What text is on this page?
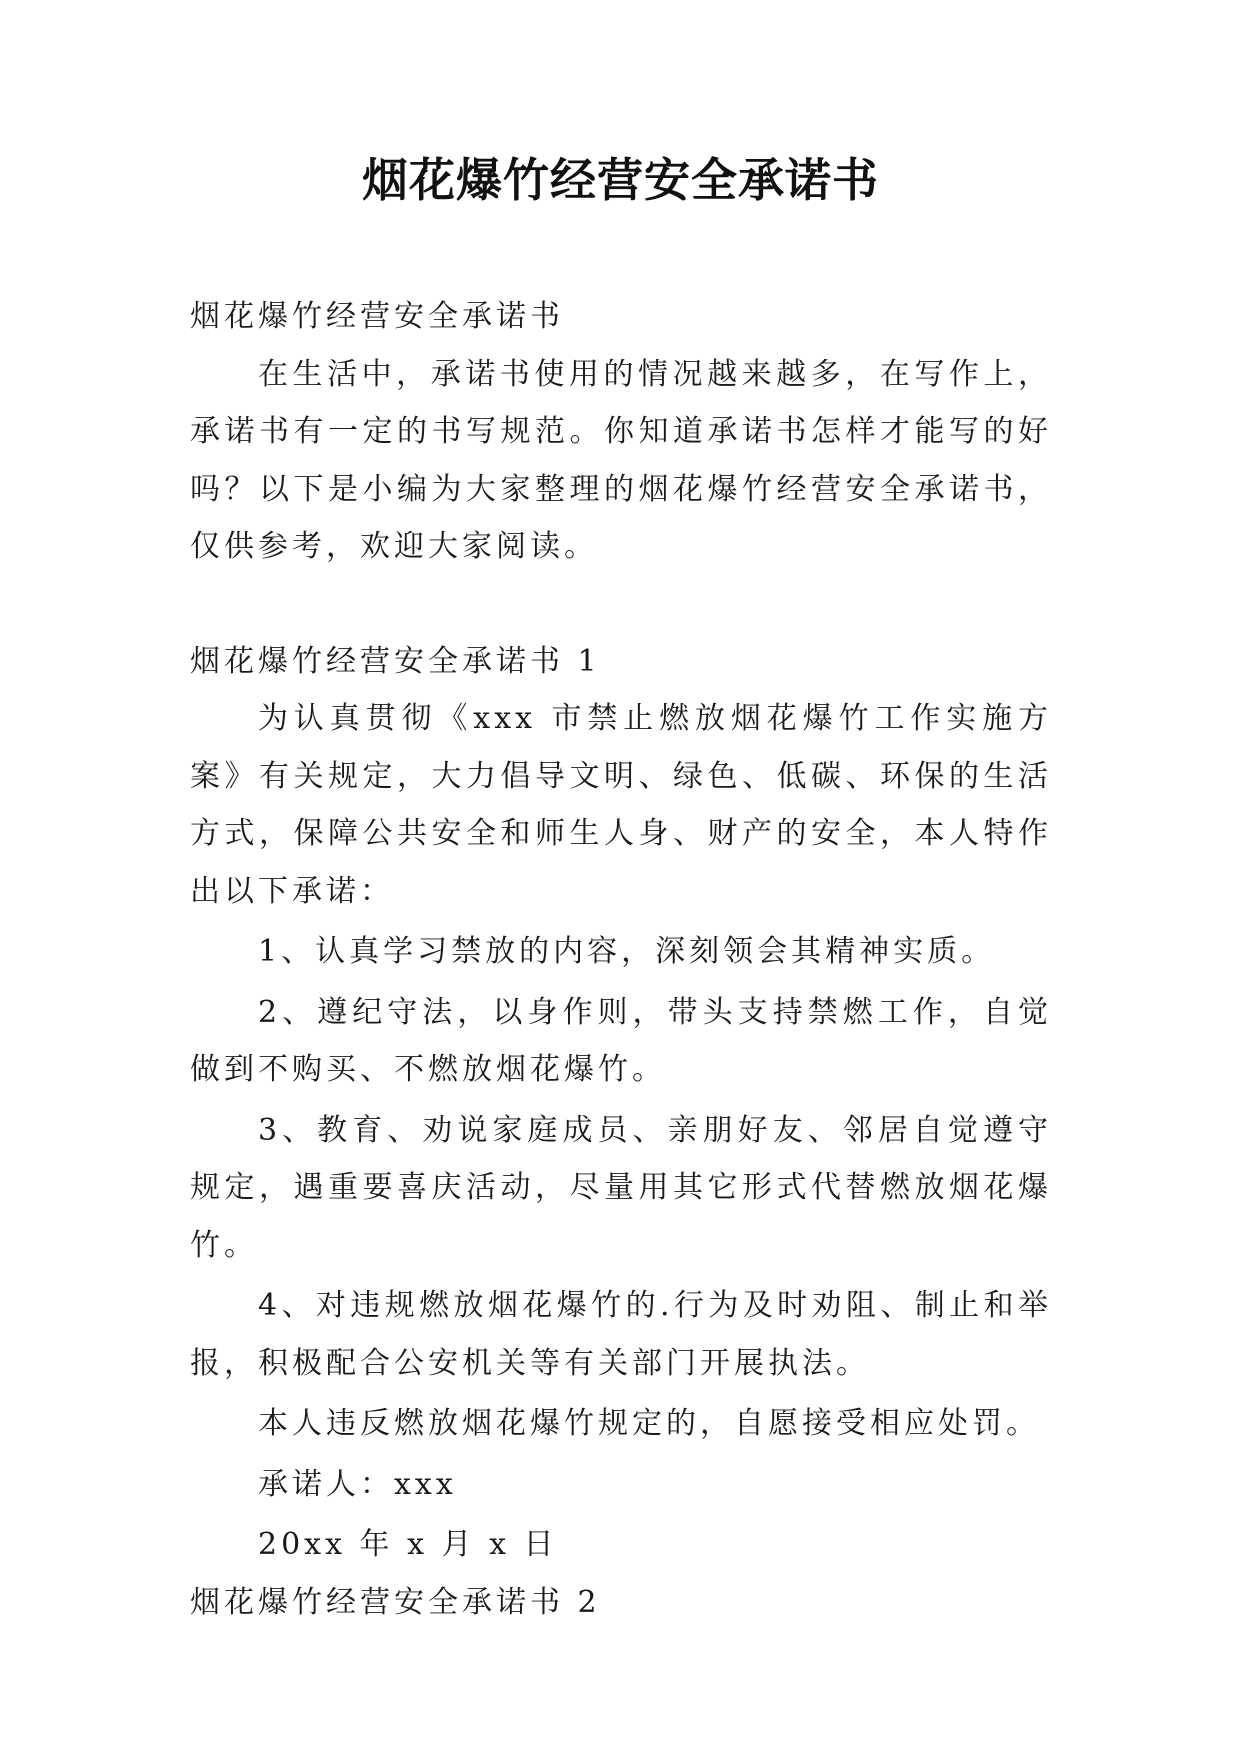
烟花爆竹经营安全承诺书

烟花爆竹经营安全承诺书

在生活中，承诺书使用的情况越来越多，在写作上，承诺书有一定的书写规范。你知道承诺书怎样才能写的好吗？以下是小编为大家整理的烟花爆竹经营安全承诺书，仅供参考，欢迎大家阅读。

烟花爆竹经营安全承诺书 1

为认真贯彻《xxx 市禁止燃放烟花爆竹工作实施方案》有关规定，大力倡导文明、绿色、低碳、环保的生活方式，保障公共安全和师生人身、财产的安全，本人特作出以下承诺：

1、认真学习禁放的内容，深刻领会其精神实质。

2、遵纪守法，以身作则，带头支持禁燃工作，自觉做到不购买、不燃放烟花爆竹。

3、教育、劝说家庭成员、亲朋好友、邻居自觉遵守规定，遇重要喜庆活动，尽量用其它形式代替燃放烟花爆竹。

4、对违规燃放烟花爆竹的.行为及时劝阻、制止和举报，积极配合公安机关等有关部门开展执法。

本人违反燃放烟花爆竹规定的，自愿接受相应处罚。

承诺人：xxx

20xx 年 x 月 x 日

烟花爆竹经营安全承诺书 2
